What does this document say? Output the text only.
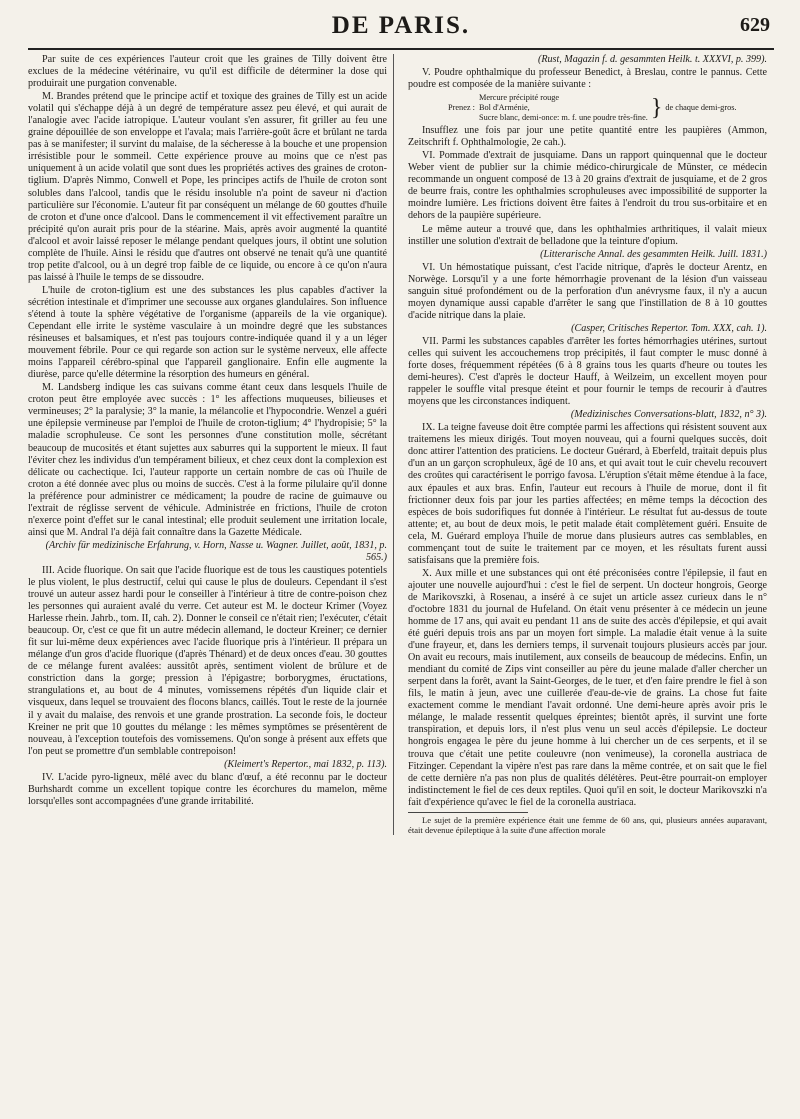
DE PARIS.	629

Par suite de ces expériences l'auteur croit que les graines de Tilly doivent être exclues de la médecine vétérinaire, vu qu'il est difficile de déterminer la dose qui produirait une purgation convenable.

M. Brandes prétend que le principe actif et toxique des graines de Tilly est un acide volatil qui s'échappe déjà à un degré de température assez peu élevé, et qui aurait de l'analogie avec l'acide iatropique. L'auteur voulant s'en assurer, fit griller au feu une graine dépouillée de son enveloppe et l'avala; mais l'arrière-goût âcre et brûlant ne tarda pas à se manifester; il survint du malaise, de la sécheresse à la bouche et une propension irrésistible pour le sommeil. Cette expérience prouve au moins que ce n'est pas uniquement à un acide volatil que sont dues les propriétés actives des graines de croton-tiglium. D'après Nimmo, Conwell et Pope, les principes actifs de l'huile de croton sont solubles dans l'alcool, tandis que le résidu insoluble n'a point de saveur ni d'action particulière sur l'économie. L'auteur fit par conséquent un mélange de 60 gouttes d'huile de croton et d'une once d'alcool. Dans le commencement il vit effectivement paraître un précipité qu'on aurait pris pour de la stéarine. Mais, après avoir augmenté la quantité d'alcool et avoir laissé reposer le mélange pendant quelques jours, il obtint une solution complète de l'huile. Ainsi le résidu que d'autres ont observé ne tenait qu'à une quantité trop petite d'alcool, ou à un degré trop faible de ce liquide, ou encore à ce qu'on n'aura pas laissé à l'huile le temps de se dissoudre.

L'huile de croton-tiglium est une des substances les plus capables d'activer la sécrétion intestinale et d'imprimer une secousse aux organes glandulaires. Son influence s'étend à toute la sphère végétative de l'organisme (appareils de la vie organique). Cependant elle irrite le système vasculaire à un moindre degré que les substances résineuses et balsamiques, et n'est pas toujours contre-indiquée quand il y a un léger mouvement fébrile. Pour ce qui regarde son action sur le système nerveux, elle affecte moins l'appareil cérébro-spinal que l'appareil ganglionaire. Enfin elle augmente la diurèse, parce qu'elle détermine la résorption des humeurs en général.

M. Landsberg indique les cas suivans comme étant ceux dans lesquels l'huile de croton peut être employée avec succès : 1° les affections muqueuses, bilieuses et vermineuses; 2° la paralysie; 3° la manie, la mélancolie et l'hypocondrie. Wenzel a guéri une épilepsie vermineuse par l'emploi de l'huile de croton-tiglium; 4° l'hydropisie; 5° la maladie scrophuleuse. Ce sont les personnes d'une constitution molle, sécrétant beaucoup de mucosités et étant sujettes aux saburres qui la supportent le mieux. Il faut l'éviter chez les individus d'un tempérament bilieux, et chez ceux dont la complexion est délicate ou cachectique. Ici, l'auteur rapporte un certain nombre de cas où l'huile de croton a été donnée avec plus ou moins de succès. C'est à la forme pilulaire qu'il donne la préférence pour administrer ce médicament; la poudre de racine de guimauve ou l'extrait de réglisse servent de véhicule. Administrée en frictions, l'huile de croton n'exerce point d'effet sur le canal intestinal; elle produit seulement une irritation locale, ainsi que M. Andral l'a déjà fait connaître dans la Gazette Médicale.

(Archiv für medizinische Erfahrung, v. Horn, Nasse u. Wagner. Juillet, août, 1831, p. 565.)

III. Acide fluorique. On sait que l'acide fluorique est de tous les caustiques potentiels le plus violent, le plus destructif, celui qui cause le plus de douleurs. Cependant il s'est trouvé un auteur assez hardi pour le conseiller à l'intérieur à titre de contre-poison chez les personnes qui auraient avalé du verre. Cet auteur est M. le docteur Krimer (Voyez Harlesse rhein. Jahrb., tom. II, cah. 2). Donner le conseil ce n'était rien; l'exécuter, c'était beaucoup. Or, c'est ce que fit un autre médecin allemand, le docteur Kreiner; ce dernier fit sur lui-même deux expériences avec l'acide fluorique pris à l'intérieur. Il prépara un mélange d'un gros d'acide fluorique (d'après Thénard) et de deux onces d'eau. 30 gouttes de ce mélange furent avalées: aussitôt après, sentiment violent de brûlure et de constriction dans la gorge; pression à l'épigastre; borborygmes, éructations, strangulations et, au bout de 4 minutes, vomissemens répétés d'un liquide clair et visqueux, dans lequel se trouvaient des flocons blancs, caillés. Tout le reste de la journée il y avait du malaise, des renvois et une grande prostration. La seconde fois, le docteur Kreiner ne prit que 10 gouttes du mélange : les mêmes symptômes se présentèrent de nouveau, à l'exception toutefois des vomissemens. Qu'on songe à présent aux effets que l'on peut se promettre d'un semblable contrepoison!

(Kleimert's Repertor., mai 1832, p. 113).

IV. L'acide pyro-ligneux, mêlé avec du blanc d'œuf, a été reconnu par le docteur Burhshardt comme un excellent topique contre les écorchures du mamelon, même lorsqu'elles sont accompagnées d'une grande irritabilité.

(Rust, Magazin f. d. gesammten Heilk. t. XXXVI, p. 399).

V. Poudre ophthalmique du professeur Benedict, à Breslau, contre le pannus. Cette poudre est composée de la manière suivante :

Prenez :
Mercure précipité rouge
Bol d'Arménie,
Sucre blanc, demi-once: m. f. une poudre très-fine. } de chaque demi-gros.

Insufflez une fois par jour une petite quantité entre les paupières (Ammon, Zeitschrift f. Ophthalmologie, 2e cah.).

VI. Pommade d'extrait de jusquiame. Dans un rapport quinquennal que le docteur Weber vient de publier sur la chimie médico-chirurgicale de Münster, ce médecin recommande un onguent composé de 13 à 20 grains d'extrait de jusquiame, et de 2 gros de beurre frais, contre les ophthalmies scrophuleuses avec impossibilité de supporter la moindre lumière. Les frictions doivent être faites à l'endroit du trou sus-orbitaire et en dehors de la paupière supérieure.

Le même auteur a trouvé que, dans les ophthalmies arthritiques, il valait mieux instiller une solution d'extrait de belladone que la teinture d'opium.

(Litterarische Annal. des gesammten Heilk. Juill. 1831.)

VI. Un hémostatique puissant, c'est l'acide nitrique, d'après le docteur Arentz, en Norwège. Lorsqu'il y a une forte hémorrhagie provenant de la lésion d'un vaisseau sanguin situé profondément ou de la perforation d'un anévrysme faux, il n'y a aucun moyen dynamique aussi capable d'arrêter le sang que l'instillation de 8 à 10 gouttes d'acide nitrique dans la plaie.

(Casper, Critisches Repertor. Tom. XXX, cah. 1).

VII. Parmi les substances capables d'arrêter les fortes hémorrhagies utérines, surtout celles qui suivent les accouchemens trop précipités, il faut compter le musc donné à forte doses, fréquemment répétées (6 à 8 grains tous les quarts d'heure ou toutes les demi-heures). C'est d'après le docteur Hauff, à Weilzeim, un excellent moyen pour rappeler le souffle vital presque éteint et pour fournir le temps de recourir à d'autres moyens que les circonstances indiquent.

(Medizinisches Conversations-blatt, 1832, n° 3).

IX. La teigne faveuse doit être comptée parmi les affections qui résistent souvent aux traitemens les mieux dirigés. Tout moyen nouveau, qui a fourni quelques succès, doit donc attirer l'attention des praticiens. Le docteur Guérard, à Eberfeld, traitait depuis plus d'un an un garçon scrophuleux, âgé de 10 ans, et qui avait tout le cuir chevelu recouvert des croûtes qui caractérisent le porrigo favosa. L'éruption s'était même étendue à la face, aux épaules et aux bras. Enfin, l'auteur eut recours à l'huile de morue, dont il fit frictionner deux fois par jour les parties affectées; en même temps la décoction des espèces de bois sudorifiques fut donnée à l'intérieur. Le résultat fut au-dessus de toute attente; et, au bout de deux mois, le petit malade était complètement guéri. Ensuite de cela, M. Guérard employa l'huile de morue dans plusieurs autres cas semblables, en commençant tout de suite le traitement par ce moyen, et les résultats furent aussi satisfaisans que la première fois.

X. Aux mille et une substances qui ont été préconisées contre l'épilepsie, il faut en ajouter une nouvelle aujourd'hui : c'est le fiel de serpent. Un docteur hongrois, George de Marikovszki, à Rosenau, a inséré à ce sujet un article assez curieux dans le n° d'octobre 1831 du journal de Hufeland. On était venu présenter à ce médecin un jeune homme de 17 ans, qui avait eu pendant 11 ans de suite des accès d'épilepsie, et qui avait été guéri depuis trois ans par un moyen fort simple. La maladie était venue à la suite d'une frayeur, et, dans les derniers temps, il survenait toujours plusieurs accès par jour. On avait eu recours, mais inutilement, aux conseils de beaucoup de médecins. Enfin, un mendiant du comité de Zips vint conseiller au père du jeune malade d'aller chercher un serpent dans la forêt, avant la Saint-Georges, de le tuer, et d'en faire prendre le fiel à son fils, le matin à jeun, avec une cuillerée d'eau-de-vie de grains. La chose fut faite exactement comme le mendiant l'avait ordonné. Une demi-heure après avoir pris le mélange, le malade ressentit quelques épreintes; bientôt après, il survint une forte transpiration, et depuis lors, il n'est plus venu un seul accès d'épilepsie. Le docteur hongrois engagea le père du jeune homme à lui chercher un de ces serpents, et il se trouva que c'était une petite couleuvre (non venimeuse), la coronella austriaca de Fitzinger. Cependant la vipère n'est pas rare dans la même contrée, et on sait que le fiel de cette dernière n'a pas non plus de qualités délétères. Peut-être pourrait-on employer indistinctement le fiel de ces deux reptiles. Quoi qu'il en soit, le docteur Marikovszki n'a fait d'expérience qu'avec le fiel de la coronella austriaca.

Le sujet de la première expérience était une femme de 60 ans, qui, plusieurs années auparavant, était devenue épileptique à la suite d'une affection morale
